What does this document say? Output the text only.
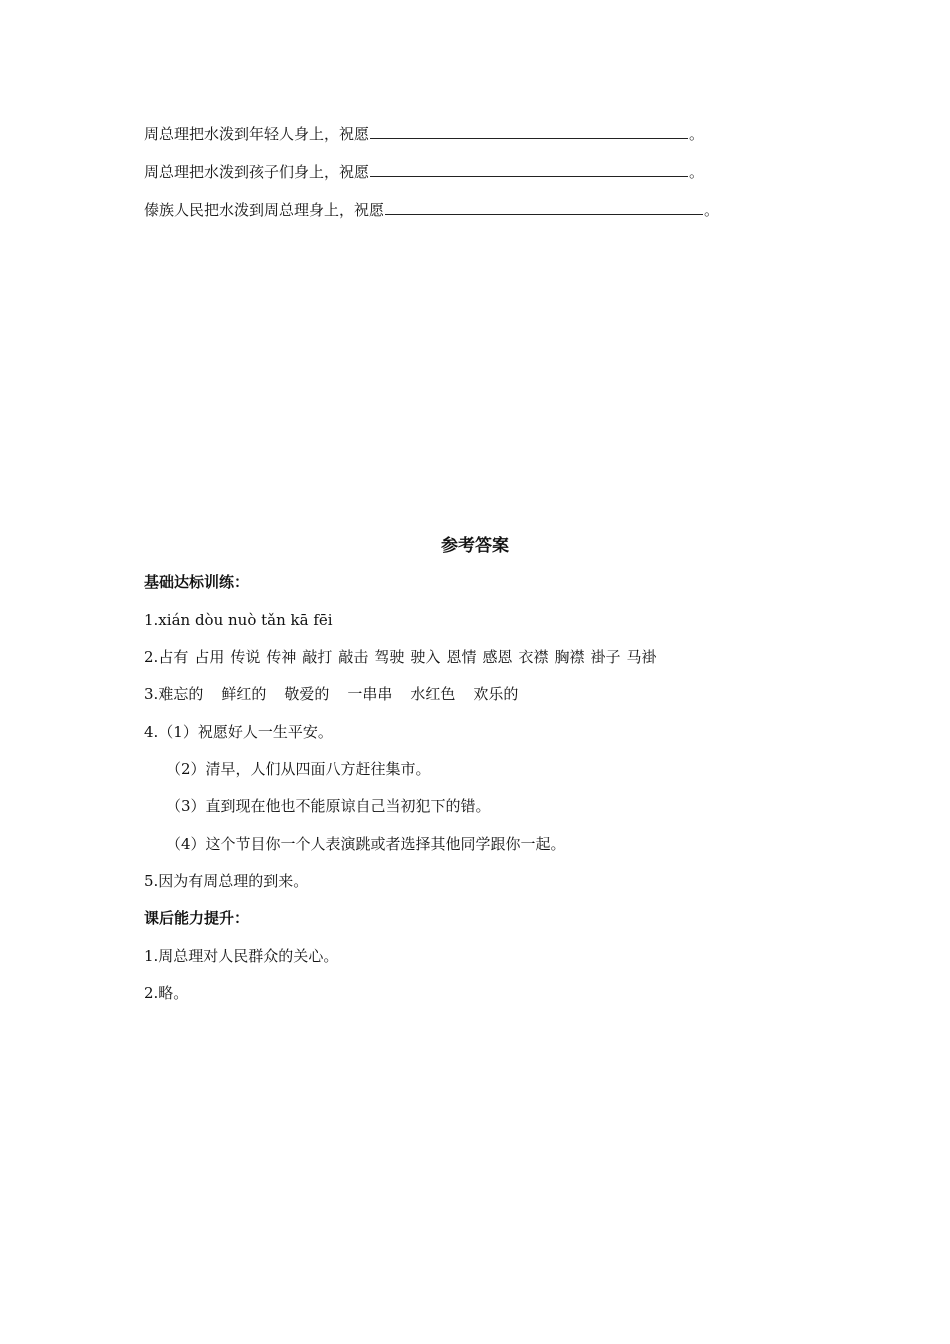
周总理把水泼到年轻人身上，祝愿	。
周总理把水泼到孩子们身上，祝愿	。
傣族人民把水泼到周总理身上，祝愿	。
参考答案
基础达标训练：
1.xián dòu nuò tǎn kā fēi
2.占有 占用 传说 传神 敲打 敲击 驾驶 驶入 恩情 感恩 衣襟 胸襟 褂子 马褂
3.难忘的 鲜红的 敬爱的 一串串 水红色 欢乐的
4.（1）祝愿好人一生平安。
（2）清早，人们从四面八方赶往集市。
（3）直到现在他也不能原谅自己当初犯下的错。
（4）这个节目你一个人表演跳或者选择其他同学跟你一起。
5.因为有周总理的到来。
课后能力提升：
1.周总理对人民群众的关心。
2.略。
